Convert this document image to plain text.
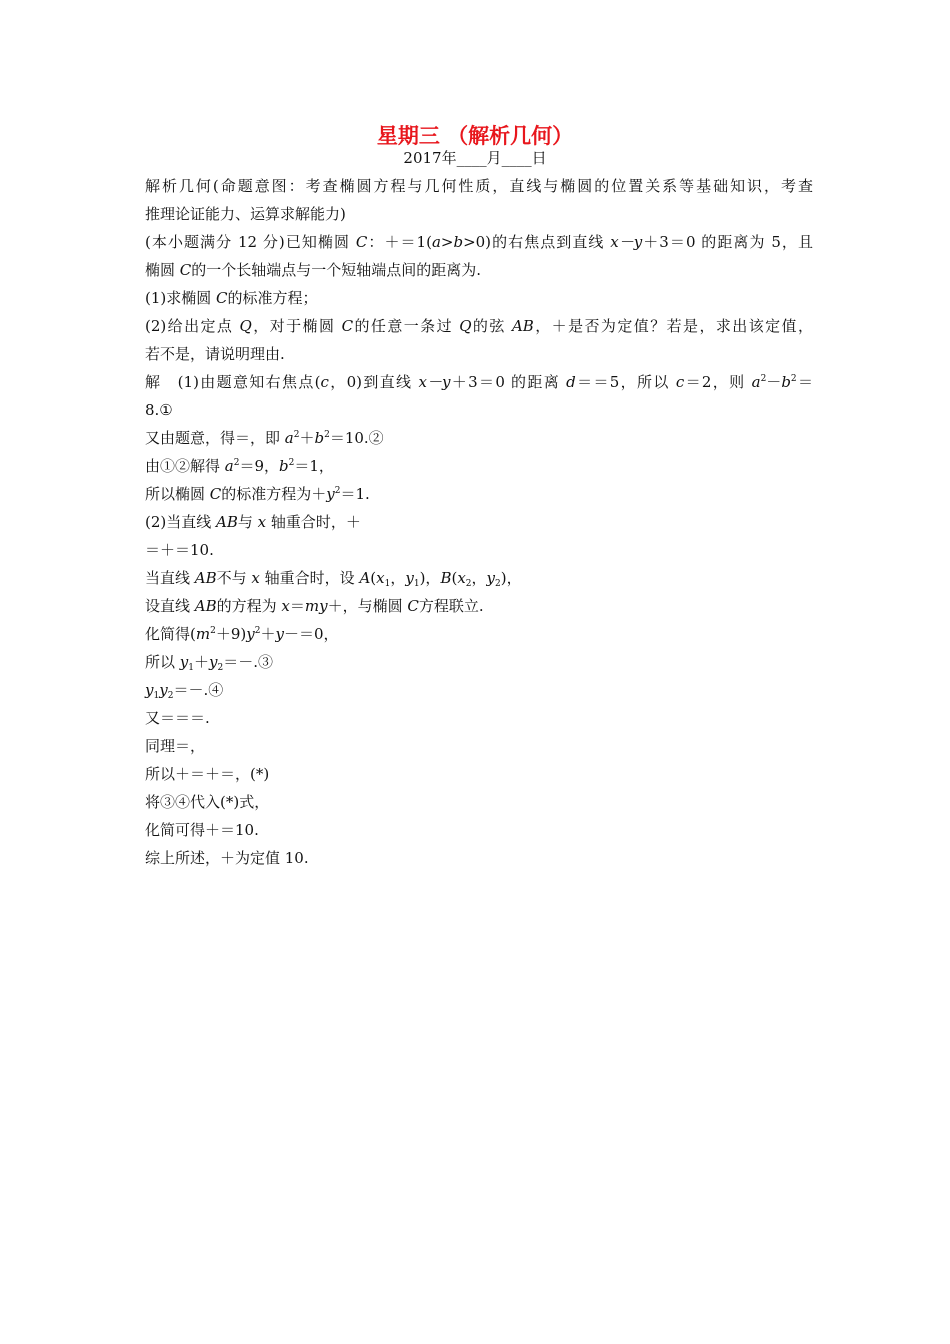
星期三 （解析几何）
2017年____月____日
解析几何(命题意图：考查椭圆方程与几何性质，直线与椭圆的位置关系等基础知识，考查
推理论证能力、运算求解能力)
(本小题满分 12 分)已知椭圆 C：＋＝1(a>b>0)的右焦点到直线 x－y＋3＝0 的距离为 5，且
椭圆 C的一个长轴端点与一个短轴端点间的距离为.
(1)求椭圆 C的标准方程；
(2)给出定点 Q，对于椭圆 C的任意一条过 Q的弦 AB，＋是否为定值？若是，求出该定值，
若不是，请说明理由.
解　(1)由题意知右焦点(c，0)到直线 x－y＋3＝0 的距离 d＝＝5，所以 c＝2，则 $a^2-b^2=$
8.①
又由题意，得＝，即 $a^2+b^2=10.②$
由①②解得 $a^2=9$，$b^2=1$，
所以椭圆 C的标准方程为$+y^2=1$.
(2)当直线 AB与 x 轴重合时，＋
＝＋＝10.
当直线 AB不与 x 轴重合时，设 $A(x_1$，$y_1$)，$B(x_2$，$y_2$)，
设直线 AB的方程为 x＝my＋，与椭圆 C方程联立.
化简得$(m^2+9)y^2+y-=0$，
所以 $y_1+y_2=-.③$
$y_1y_2=-.④$
又＝＝＝.
同理＝，
所以＋＝＋＝，(*)
将③④代入(*)式，
化简可得＋＝10.
综上所述，＋为定值 10.
